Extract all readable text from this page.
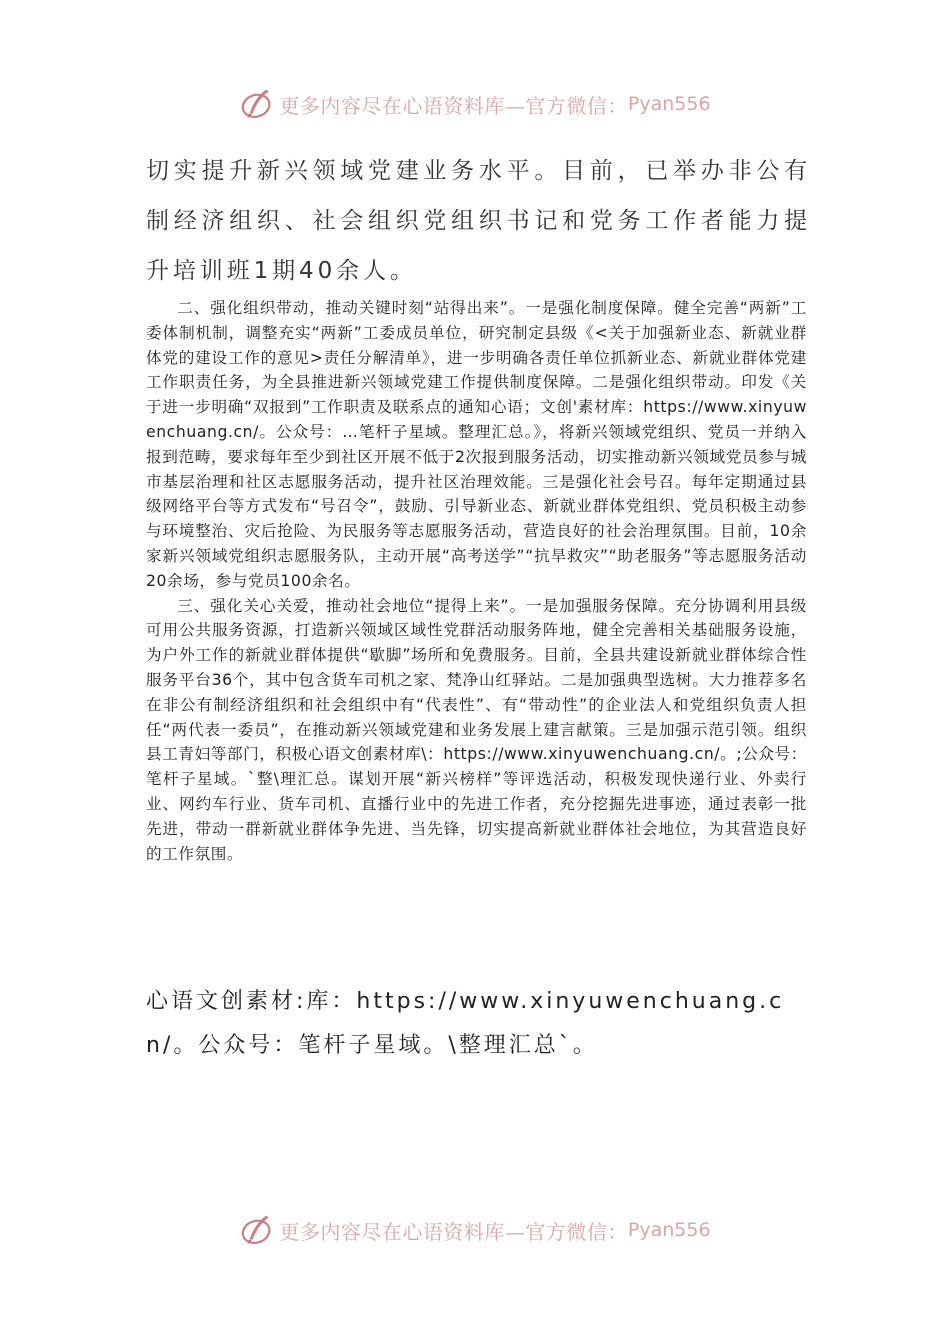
更多内容尽在心语资料库—官方微信： Pyan556
切实提升新兴领域党建业务水平。目前，已举办非公有制经济组织、社会组织党组织书记和党务工作者能力提升培训班1期40余人。

二、强化组织带动，推动关键时刻“站得出来”。一是强化制度保障。健全完善“两新”工委体制机制，调整充实“两新”工委成员单位，研究制定县级《<关于加强新业态、新就业群体党的建设工作的意见>责任分解清单》，进一步明确各责任单位抓新业态、新就业群体党建工作职责任务，为全县推进新兴领域党建工作提供制度保障。二是强化组织带动。印发《关于进一步明确“双报到”工作职责及联系点的通知心语；文创'素材库：https://www.xinyuwenchuang.cn/。公众号：…笔杆子星域。整理汇总。》，将新兴领域党组织、党员一并纳入报到范畴，要求每年至少到社区开展不低于2次报到服务活动，切实推动新兴领域党员参与城市基层治理和社区志愿服务活动，提升社区治理效能。三是强化社会号召。每年定期通过县级网络平台等方式发布“号召令”，鼓励、引导新业态、新就业群体党组织、党员积极主动参与环境整治、灾后抢险、为民服务等志愿服务活动，营造良好的社会治理氛围。目前，10余家新兴领域党组织志愿服务队，主动开展“高考送学”“抗旱救灾”“助老服务”等志愿服务活动20余场，参与党员100余名。

三、强化关心关爱，推动社会地位“提得上来”。一是加强服务保障。充分协调利用县级可用公共服务资源，打造新兴领域区域性党群活动服务阵地，健全完善相关基础服务设施，为户外工作的新就业群体提供“歇脚”场所和免费服务。目前，全县共建设新就业群体综合性服务平台36个，其中包含货车司机之家、梵净山红驿站。二是加强典型选树。大力推荐多名在非公有制经济组织和社会组织中有“代表性”、有“带动性”的企业法人和党组织负责人担任“两代表一委员”，在推动新兴领域党建和业务发展上建言献策。三是加强示范引领。组织县工青妇等部门，积极心语文创素材库\：https://www.xinyuwenchuang.cn/。;公众号：笔杆子星域。`整\理汇总。谋划开展“新兴榜样”等评选活动，积极发现快递行业、外卖行业、网约车行业、货车司机、直播行业中的先进工作者，充分挖掘先进事迹，通过表彰一批先进，带动一群新就业群体争先进、当先锋，切实提高新就业群体社会地位，为其营造良好的工作氛围。

心语文创素材:库：https://www.xinyuwenchuang.cn/。公众号：笔杆子星域。\整理汇总`。
更多内容尽在心语资料库—官方微信： Pyan556
